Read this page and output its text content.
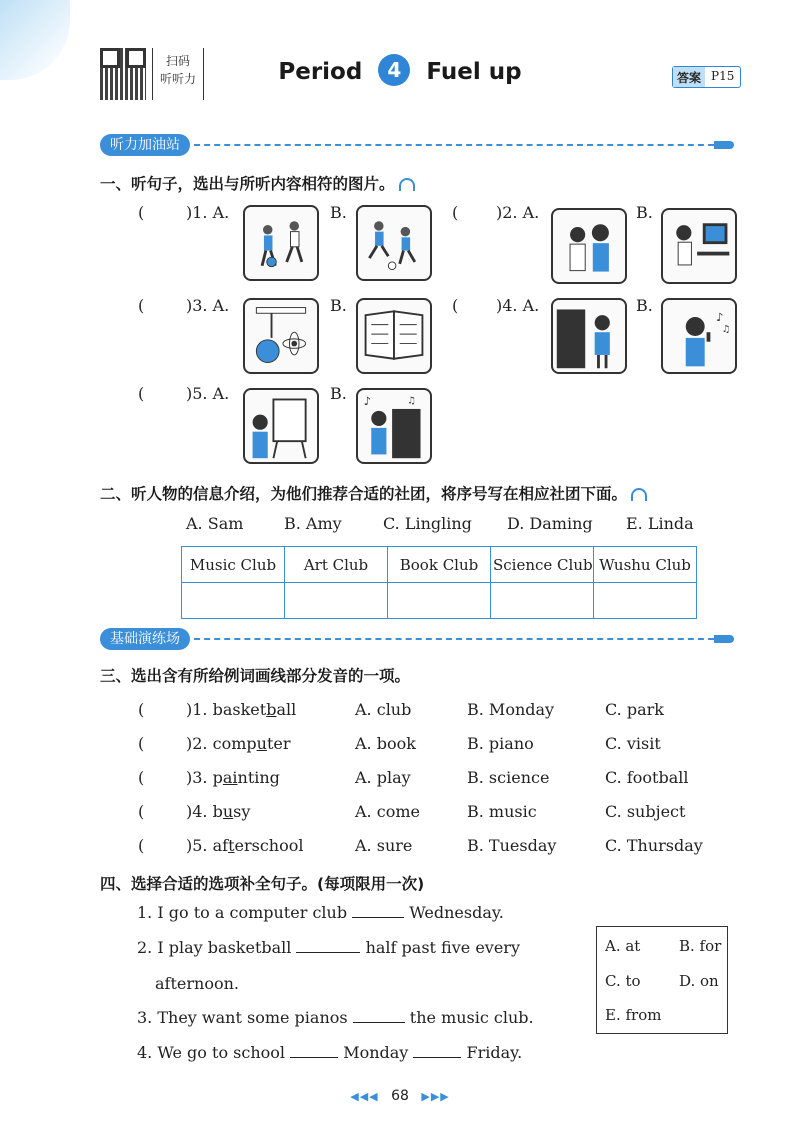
扫码
听听力	Period 4 Fuel up	答案 P15
听力加油站
一、听句子，选出与所听内容相符的图片。
(	)1. A.	B.	( )2. A.	B.
(	)3. A.	B.	( )4. A.	B.
♪
♫
(	)5. A.	B. ♪	♫
二、听人物的信息介绍，为他们推荐合适的社团，将序号写在相应社团下面。
A. Sam	B. Amy	C. Lingling D. Daming E. Linda
Music Club	Art Club	Book Club	Science Club	Wushu Club

基础演练场
三、选出含有所给例词画线部分发音的一项。
(	)1. basketball	A. club	B. Monday	C. park
(	)2. computer	A. book	B. piano	C. visit
(	)3. painting	A. play	B. science	C. football
(	)4. busy	A. come	B. music	C. subject
(	)5. afterschool	A. sure	B. Tuesday	C. Thursday
四、选择合适的选项补全句子。(每项限用一次)
1. I go to a computer club	Wednesday.
2. I play basketball	half past five every
afternoon.
3. They want some pianos	the music club.
4. We go to school	Monday	Friday.
A. at	B. for
C. to	D. on
E. from
◀◀◀ 68 ▶▶▶
